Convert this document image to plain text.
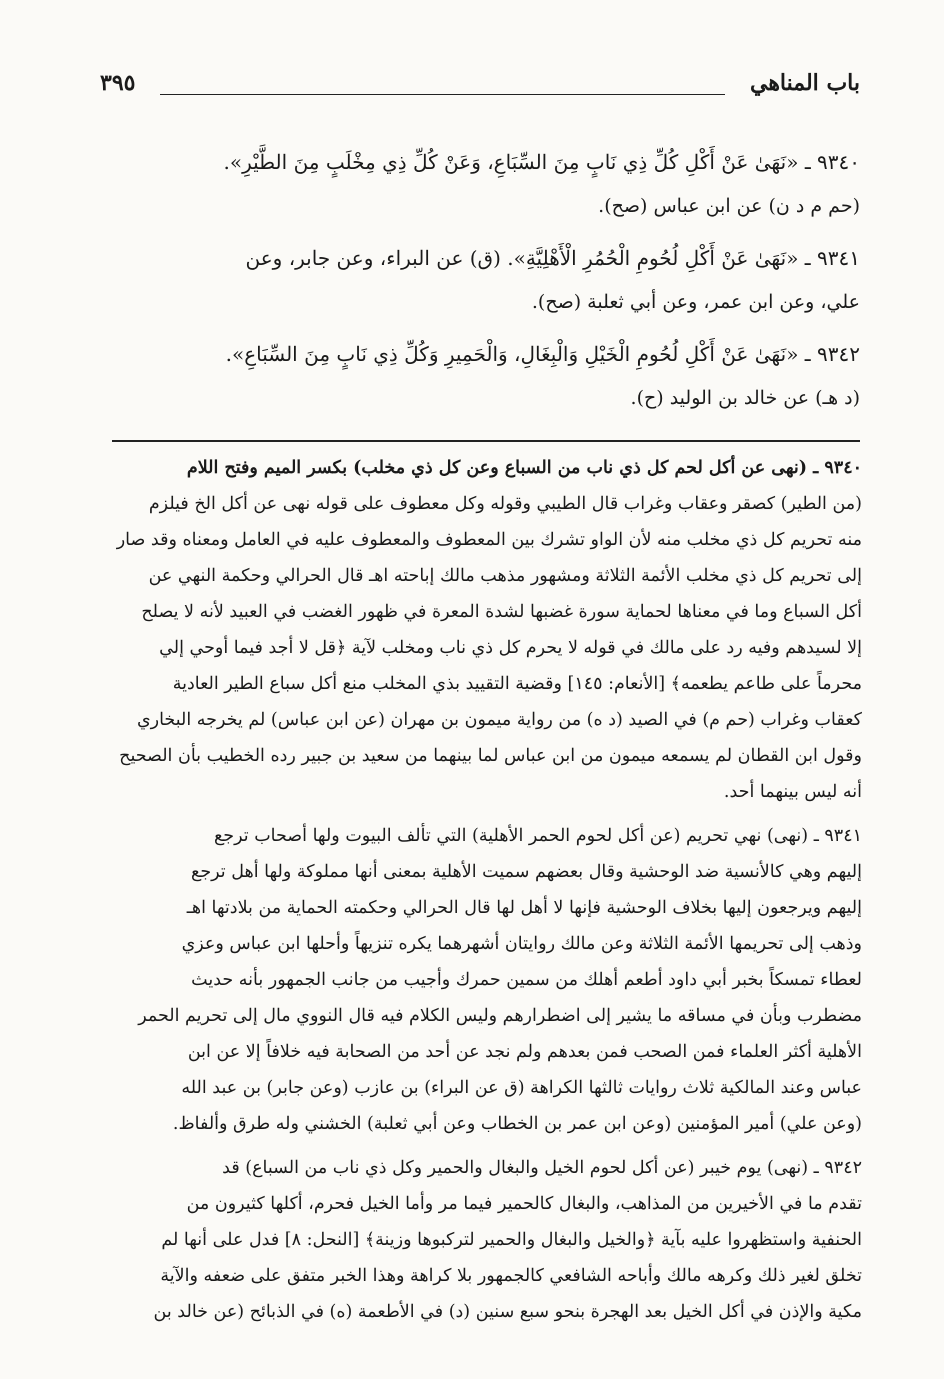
باب المناهي
٣٩٥
٩٣٤٠ ـ «نَهَىٰ عَنْ أَكْلِ كُلِّ ذِي نَابٍ مِنَ السِّبَاعِ، وَعَنْ كُلِّ ذِي مِخْلَبٍ مِنَ الطَّيْرِ».
(حم م د ن) عن ابن عباس (صح).
٩٣٤١ ـ «نَهَىٰ عَنْ أَكْلِ لُحُومِ الْحُمُرِ الْأَهْلِيَّةِ». (ق) عن البراء، وعن جابر، وعن
علي، وعن ابن عمر، وعن أبي ثعلبة (صح).
٩٣٤٢ ـ «نَهَىٰ عَنْ أَكْلِ لُحُومِ الْخَيْلِ وَالْبِغَالِ، وَالْحَمِيرِ وَكُلِّ ذِي نَابٍ مِنَ السِّبَاعِ».
(د هـ) عن خالد بن الوليد (ح).
٩٣٤٠ ـ (نهى عن أكل لحم كل ذي ناب من السباع وعن كل ذي مخلب) بكسر الميم وفتح اللام
(من الطير) كصقر وعقاب وغراب قال الطيبي وقوله وكل معطوف على قوله نهى عن أكل الخ فيلزم
منه تحريم كل ذي مخلب منه لأن الواو تشرك بين المعطوف والمعطوف عليه في العامل ومعناه وقد صار
إلى تحريم كل ذي مخلب الأئمة الثلاثة ومشهور مذهب مالك إباحته اهـ قال الحرالي وحكمة النهي عن
أكل السباع وما في معناها لحماية سورة غضبها لشدة المعرة في ظهور الغضب في العبيد لأنه لا يصلح
إلا لسيدهم وفيه رد على مالك في قوله لا يحرم كل ذي ناب ومخلب لآية ﴿قل لا أجد فيما أوحي إلي
محرماً على طاعم يطعمه﴾ [الأنعام: ١٤٥] وقضية التقييد بذي المخلب منع أكل سباع الطير العادية
كعقاب وغراب (حم م) في الصيد (د ه) من رواية ميمون بن مهران (عن ابن عباس) لم يخرجه البخاري
وقول ابن القطان لم يسمعه ميمون من ابن عباس لما بينهما من سعيد بن جبير رده الخطيب بأن الصحيح
أنه ليس بينهما أحد.
٩٣٤١ ـ (نهى) نهي تحريم (عن أكل لحوم الحمر الأهلية) التي تألف البيوت ولها أصحاب ترجع
إليهم وهي كالأنسية ضد الوحشية وقال بعضهم سميت الأهلية بمعنى أنها مملوكة ولها أهل ترجع
إليهم ويرجعون إليها بخلاف الوحشية فإنها لا أهل لها قال الحرالي وحكمته الحماية من بلادتها اهـ
وذهب إلى تحريمها الأئمة الثلاثة وعن مالك روايتان أشهرهما يكره تنزيهاً وأحلها ابن عباس وعزي
لعطاء تمسكاً بخبر أبي داود أطعم أهلك من سمين حمرك وأجيب من جانب الجمهور بأنه حديث
مضطرب وبأن في مساقه ما يشير إلى اضطرارهم وليس الكلام فيه قال النووي مال إلى تحريم الحمر
الأهلية أكثر العلماء فمن الصحب فمن بعدهم ولم نجد عن أحد من الصحابة فيه خلافاً إلا عن ابن
عباس وعند المالكية ثلاث روايات ثالثها الكراهة (ق عن البراء) بن عازب (وعن جابر) بن عبد الله
(وعن علي) أمير المؤمنين (وعن ابن عمر بن الخطاب وعن أبي ثعلبة) الخشني وله طرق وألفاظ.
٩٣٤٢ ـ (نهى) يوم خيبر (عن أكل لحوم الخيل والبغال والحمير وكل ذي ناب من السباع) قد
تقدم ما في الأخيرين من المذاهب، والبغال كالحمير فيما مر وأما الخيل فحرم، أكلها كثيرون من
الحنفية واستظهروا عليه بآية ﴿والخيل والبغال والحمير لتركبوها وزينة﴾ [النحل: ٨] فدل على أنها لم
تخلق لغير ذلك وكرهه مالك وأباحه الشافعي كالجمهور بلا كراهة وهذا الخبر متفق على ضعفه والآية
مكية والإذن في أكل الخيل بعد الهجرة بنحو سبع سنين (د) في الأطعمة (ه) في الذبائح (عن خالد بن
